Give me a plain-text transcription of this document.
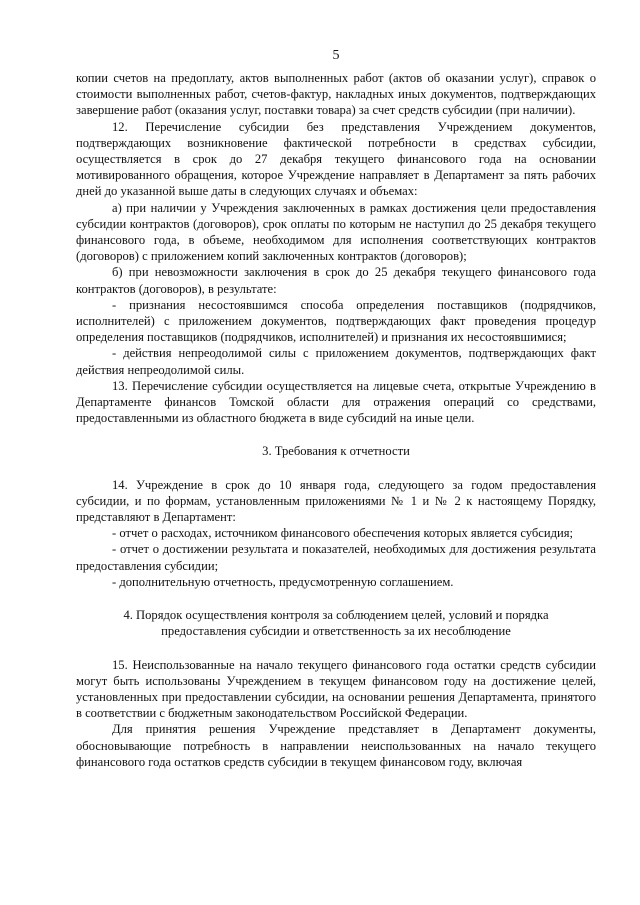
5

копии счетов на предоплату, актов выполненных работ (актов об оказании услуг), справок о стоимости выполненных работ, счетов-фактур, накладных иных документов, подтверждающих завершение работ (оказания услуг, поставки товара) за счет средств субсидии (при наличии).

12. Перечисление субсидии без представления Учреждением документов, подтверждающих возникновение фактической потребности в средствах субсидии, осуществляется в срок до 27 декабря текущего финансового года на основании мотивированного обращения, которое Учреждение направляет в Департамент за пять рабочих дней до указанной выше даты в следующих случаях и объемах:

а) при наличии у Учреждения заключенных в рамках достижения цели предоставления субсидии контрактов (договоров), срок оплаты по которым не наступил до 25 декабря текущего финансового года, в объеме, необходимом для исполнения соответствующих контрактов (договоров) с приложением копий заключенных контрактов (договоров);

б) при невозможности заключения в срок до 25 декабря текущего финансового года контрактов (договоров), в результате:

- признания несостоявшимся способа определения поставщиков (подрядчиков, исполнителей) с приложением документов, подтверждающих факт проведения процедур определения поставщиков (подрядчиков, исполнителей) и признания их несостоявшимися;

- действия непреодолимой силы с приложением документов, подтверждающих факт действия непреодолимой силы.

13. Перечисление субсидии осуществляется на лицевые счета, открытые Учреждению в Департаменте финансов Томской области для отражения операций со средствами, предоставленными из областного бюджета в виде субсидий на иные цели.

3. Требования к отчетности

14. Учреждение в срок до 10 января года, следующего за годом предоставления субсидии, и по формам, установленным приложениями № 1 и № 2 к настоящему Порядку, представляют в Департамент:

- отчет о расходах, источником финансового обеспечения которых является субсидия;

- отчет о достижении результата и показателей, необходимых для достижения результата предоставления субсидии;

- дополнительную отчетность, предусмотренную соглашением.

4. Порядок осуществления контроля за соблюдением целей, условий и порядка предоставления субсидии и ответственность за их несоблюдение

15. Неиспользованные на начало текущего финансового года остатки средств субсидии могут быть использованы Учреждением в текущем финансовом году на достижение целей, установленных при предоставлении субсидии, на основании решения Департамента, принятого в соответствии с бюджетным законодательством Российской Федерации.

Для принятия решения Учреждение представляет в Департамент документы, обосновывающие потребность в направлении неиспользованных на начало текущего финансового года остатков средств субсидии в текущем финансовом году, включая
